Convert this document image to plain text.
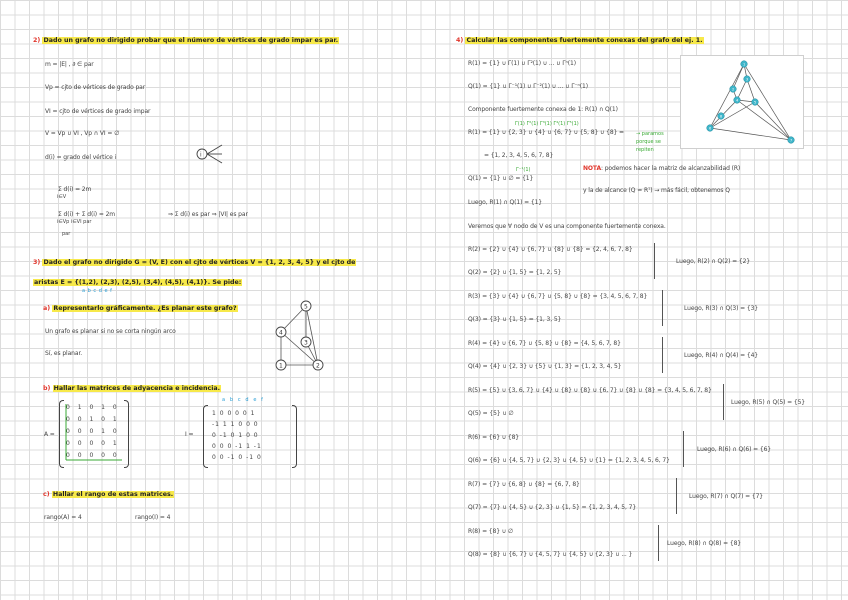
2) Dado un grafo no dirigido probar que el número de vértices de grado impar es par.
m = |E| , ∂ ∈ par
Vp = cjto de vértices de grado par
VI = cjto de vértices de grado impar
V = Vp ∪ VI , Vp ∩ VI = ∅
d(i) = grado del vértice i	i
Σ d(i) = 2m
i∈V
Σ d(i) + Σ d(i) = 2m
i∈Vp i∈VI par
par
⇒ Σ d(i) es par ⇒ |VI| es par
3) Dado el grafo no dirigido G = (V, E) con el cjto de vértices V = {1, 2, 3, 4, 5} y el cjto de
aristas E = {(1,2), (2,3), (2,5), (3,4), (4,5), (4,1)}. Se pide:
a b c d e f
a) Representarlo gráficamente. ¿Es planar este grafo?
Un grafo es planar si no se corta ningún arco
Sí, es planar.
1	2
3
4
5
b) Hallar las matrices de adyacencia e incidencia.
A =
0 1 0 1 0
0 0 1 0 1
0 0 0 1 0
0 0 0 0 1
0 0 0 0 0
I =
a b c d e f
1 0 0 0 0 1
-1 1 1 0 0 0
0 -1 0 1 0 0
0 0 0 -1 1 -1
0 0 -1 0 -1 0
c) Hallar el rango de estas matrices.
rango(A) = 4	rango(I) = 4
4) Calcular las componentes fuertemente conexas del grafo del ej. 1.
R(1) = {1} ∪ Γ(1) ∪ Γ²(1) ∪ ... ∪ Γⁿ(1)
Q(1) = {1} ∪ Γ⁻¹(1) ∪ Γ⁻²(1) ∪ ... ∪ Γ⁻ⁿ(1)
Componente fuertemente conexa de 1: R(1) ∩ Q(1)
Γ(1) Γ²(1) Γ³(1) Γ⁴(1) Γ⁵(1)
R(1) = {1} ∪ {2, 3} ∪ {4} ∪ {6, 7} ∪ {5, 8} ∪ {8} = → paramos porque se repiten
= {1, 2, 3, 4, 5, 6, 7, 8}
Γ⁻¹(1)
Q(1) = {1} ∪ ∅ = {1}
NOTA: podemos hacer la matriz de alcanzabilidad (R)
y la de alcance (Q = Rᵀ) → más fácil, obtenemos Q
Luego, R(1) ∩ Q(1) = {1}
Veremos que ∀ nodo de V es una componente fuertemente conexa.
1
2
3
4	5
6
7
8
R(2) = {2} ∪ {4} ∪ {6, 7} ∪ {8} ∪ {8} = {2, 4, 6, 7, 8}
Q(2) = {2} ∪ {1, 5} = {1, 2, 5}
Luego, R(2) ∩ Q(2) = {2}
R(3) = {3} ∪ {4} ∪ {6, 7} ∪ {5, 8} ∪ {8} = {3, 4, 5, 6, 7, 8}
Q(3) = {3} ∪ {1, 5} = {1, 3, 5}
Luego, R(3) ∩ Q(3) = {3}
R(4) = {4} ∪ {6, 7} ∪ {5, 8} ∪ {8} = {4, 5, 6, 7, 8}
Q(4) = {4} ∪ {2, 3} ∪ {5} ∪ {1, 3} = {1, 2, 3, 4, 5}
Luego, R(4) ∩ Q(4) = {4}
R(5) = {5} ∪ {3, 6, 7} ∪ {4} ∪ {8} ∪ {8} ∪ {6, 7} ∪ {8} ∪ {8} = {3, 4, 5, 6, 7, 8}
Q(5) = {5} ∪ ∅
Luego, R(5) ∩ Q(5) = {5}
R(6) = {6} ∪ {8}
Q(6) = {6} ∪ {4, 5, 7} ∪ {2, 3} ∪ {4, 5} ∪ {1} = {1, 2, 3, 4, 5, 6, 7}
Luego, R(6) ∩ Q(6) = {6}
R(7) = {7} ∪ {6, 8} ∪ {8} = {6, 7, 8}
Q(7) = {7} ∪ {4, 5} ∪ {2, 3} ∪ {1, 5} = {1, 2, 3, 4, 5, 7}
Luego, R(7) ∩ Q(7) = {7}
R(8) = {8} ∪ ∅
Q(8) = {8} ∪ {6, 7} ∪ {4, 5, 7} ∪ {4, 5} ∪ {2, 3} ∪ ... }
Luego, R(8) ∩ Q(8) = {8}
